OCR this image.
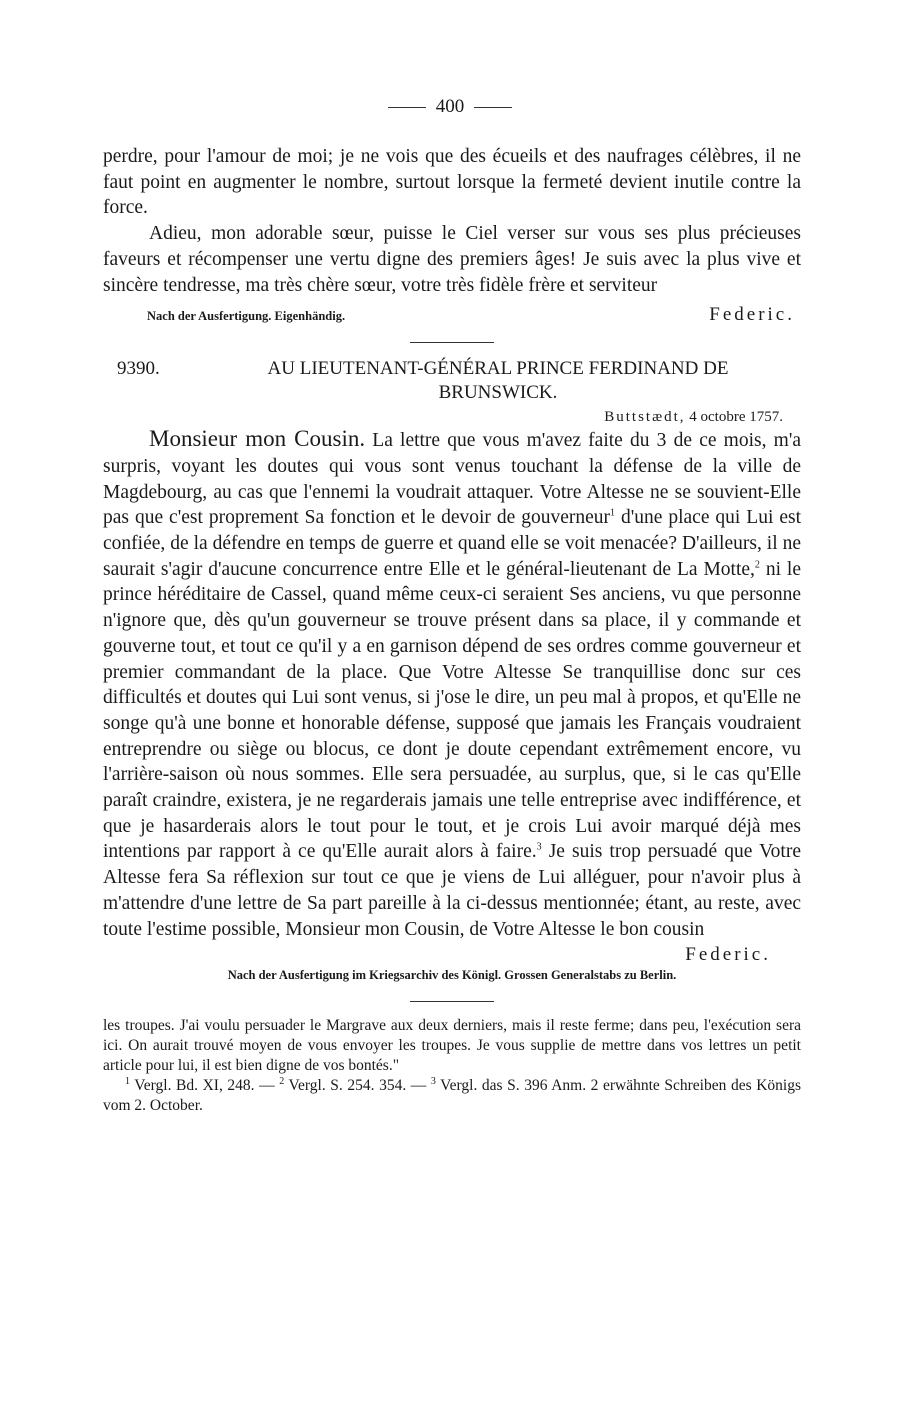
400

perdre, pour l'amour de moi; je ne vois que des écueils et des naufrages célèbres, il ne faut point en augmenter le nombre, surtout lorsque la fermeté devient inutile contre la force.

Adieu, mon adorable sœur, puisse le Ciel verser sur vous ses plus précieuses faveurs et récompenser une vertu digne des premiers âges! Je suis avec la plus vive et sincère tendresse, ma très chère sœur, votre très fidèle frère et serviteur

Nach der Ausfertigung. Eigenhändig.	Federic.
9390.	AU LIEUTENANT-GÉNÉRAL PRINCE FERDINAND DE BRUNSWICK.
Buttstædt, 4 octobre 1757.

Monsieur mon Cousin. La lettre que vous m'avez faite du 3 de ce mois, m'a surpris, voyant les doutes qui vous sont venus touchant la défense de la ville de Magdebourg, au cas que l'ennemi la voudrait attaquer. Votre Altesse ne se souvient-Elle pas que c'est proprement Sa fonction et le devoir de gouverneur$^1$ d'une place qui Lui est confiée, de la défendre en temps de guerre et quand elle se voit menacée? D'ailleurs, il ne saurait s'agir d'aucune concurrence entre Elle et le général-lieutenant de La Motte,$^2$ ni le prince héréditaire de Cassel, quand même ceux-ci seraient Ses anciens, vu que personne n'ignore que, dès qu'un gouverneur se trouve présent dans sa place, il y commande et gouverne tout, et tout ce qu'il y a en garnison dépend de ses ordres comme gouverneur et premier commandant de la place. Que Votre Altesse Se tranquillise donc sur ces difficultés et doutes qui Lui sont venus, si j'ose le dire, un peu mal à propos, et qu'Elle ne songe qu'à une bonne et honorable défense, supposé que jamais les Français voudraient entreprendre ou siège ou blocus, ce dont je doute cependant extrêmement encore, vu l'arrière-saison où nous sommes. Elle sera persuadée, au surplus, que, si le cas qu'Elle paraît craindre, existera, je ne regarderais jamais une telle entreprise avec indifférence, et que je hasarderais alors le tout pour le tout, et je crois Lui avoir marqué déjà mes intentions par rapport à ce qu'Elle aurait alors à faire.$^3$ Je suis trop persuadé que Votre Altesse fera Sa réflexion sur tout ce que je viens de Lui alléguer, pour n'avoir plus à m'attendre d'une lettre de Sa part pareille à la ci-dessus mentionnée; étant, au reste, avec toute l'estime possible, Monsieur mon Cousin, de Votre Altesse le bon cousin

Federic.
Nach der Ausfertigung im Kriegsarchiv des Königl. Grossen Generalstabs zu Berlin.

les troupes. J'ai voulu persuader le Margrave aux deux derniers, mais il reste ferme; dans peu, l'exécution sera ici. On aurait trouvé moyen de vous envoyer les troupes. Je vous supplie de mettre dans vos lettres un petit article pour lui, il est bien digne de vos bontés."

$^1$ Vergl. Bd. XI, 248. — $^2$ Vergl. S. 254. 354. — $^3$ Vergl. das S. 396 Anm. 2 erwähnte Schreiben des Königs vom 2. October.
